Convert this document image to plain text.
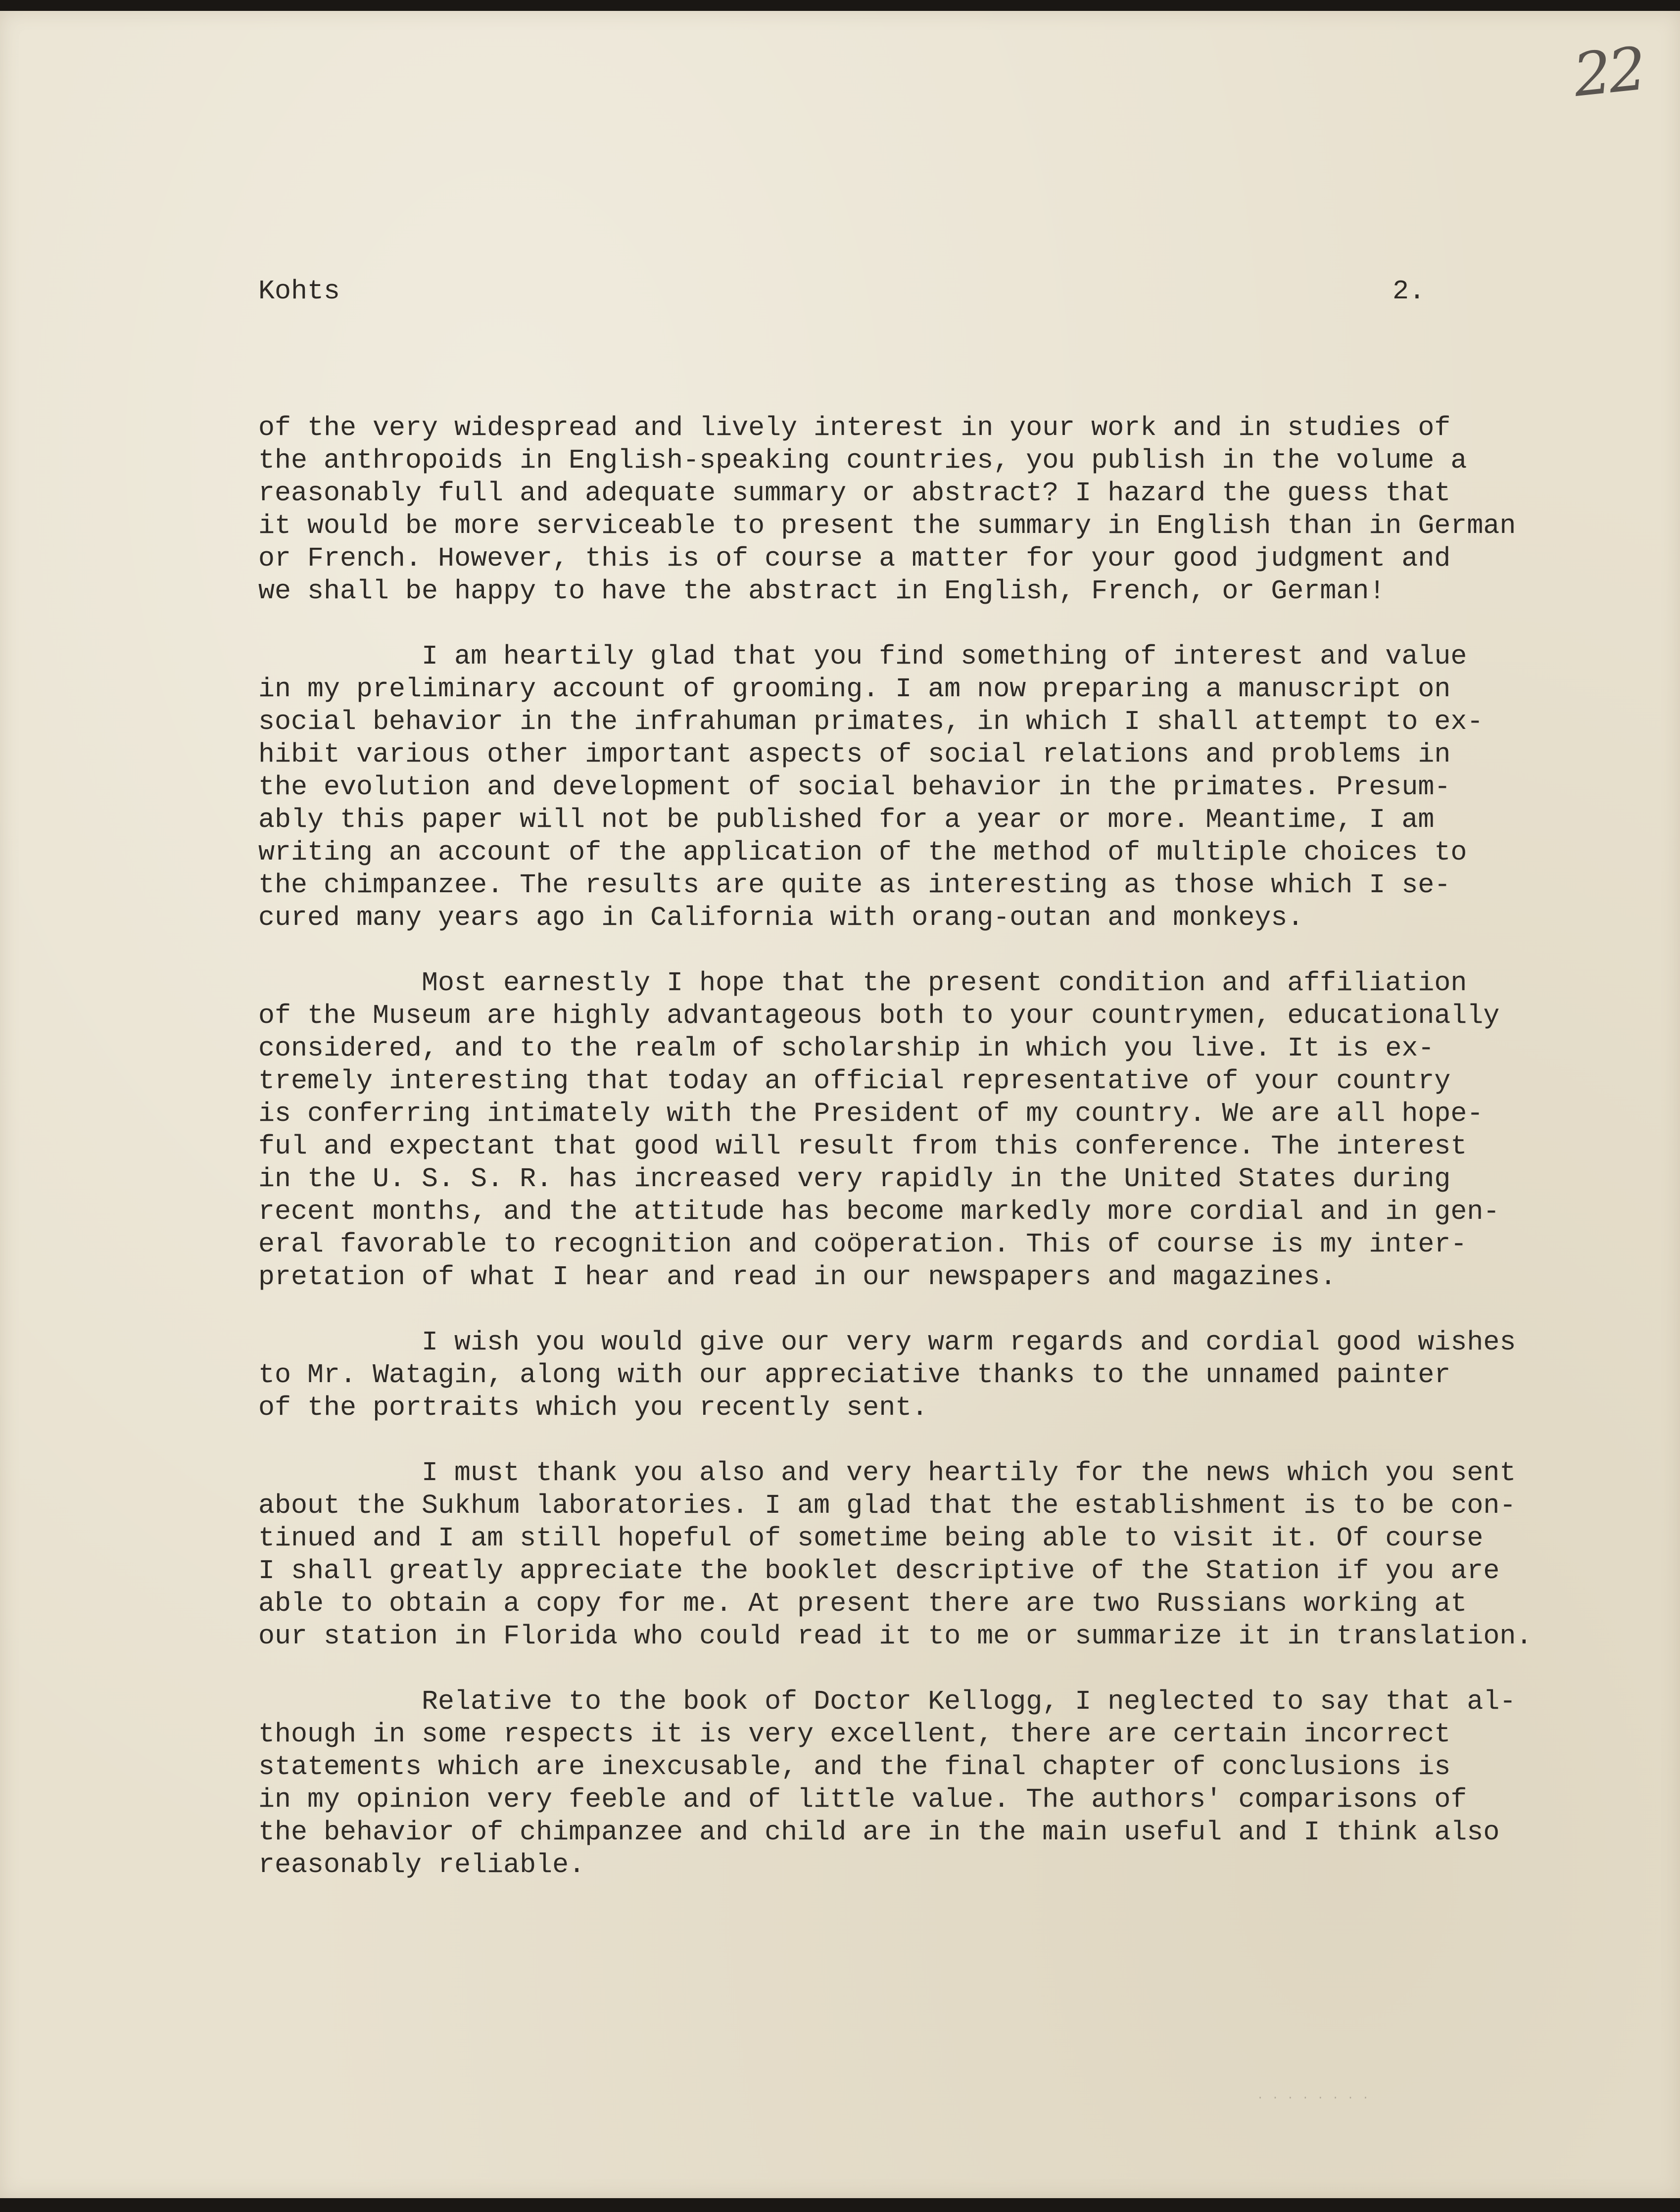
22
Kohts	2.
of the very widespread and lively interest in your work and in studies of
the anthropoids in English-speaking countries, you publish in the volume a
reasonably full and adequate summary or abstract? I hazard the guess that
it would be more serviceable to present the summary in English than in German
or French. However, this is of course a matter for your good judgment and
we shall be happy to have the abstract in English, French, or German!
I am heartily glad that you find something of interest and value
in my preliminary account of grooming. I am now preparing a manuscript on
social behavior in the infrahuman primates, in which I shall attempt to ex-
hibit various other important aspects of social relations and problems in
the evolution and development of social behavior in the primates. Presum-
ably this paper will not be published for a year or more. Meantime, I am
writing an account of the application of the method of multiple choices to
the chimpanzee. The results are quite as interesting as those which I se-
cured many years ago in California with orang-outan and monkeys.
Most earnestly I hope that the present condition and affiliation
of the Museum are highly advantageous both to your countrymen, educationally
considered, and to the realm of scholarship in which you live. It is ex-
tremely interesting that today an official representative of your country
is conferring intimately with the President of my country. We are all hope-
ful and expectant that good will result from this conference. The interest
in the U. S. S. R. has increased very rapidly in the United States during
recent months, and the attitude has become markedly more cordial and in gen-
eral favorable to recognition and coöperation. This of course is my inter-
pretation of what I hear and read in our newspapers and magazines.
I wish you would give our very warm regards and cordial good wishes
to Mr. Watagin, along with our appreciative thanks to the unnamed painter
of the portraits which you recently sent.
I must thank you also and very heartily for the news which you sent
about the Sukhum laboratories. I am glad that the establishment is to be con-
tinued and I am still hopeful of sometime being able to visit it. Of course
I shall greatly appreciate the booklet descriptive of the Station if you are
able to obtain a copy for me. At present there are two Russians working at
our station in Florida who could read it to me or summarize it in translation.
Relative to the book of Doctor Kellogg, I neglected to say that al-
though in some respects it is very excellent, there are certain incorrect
statements which are inexcusable, and the final chapter of conclusions is
in my opinion very feeble and of little value. The authors' comparisons of
the behavior of chimpanzee and child are in the main useful and I think also
reasonably reliable.
· · · · · · · ·
